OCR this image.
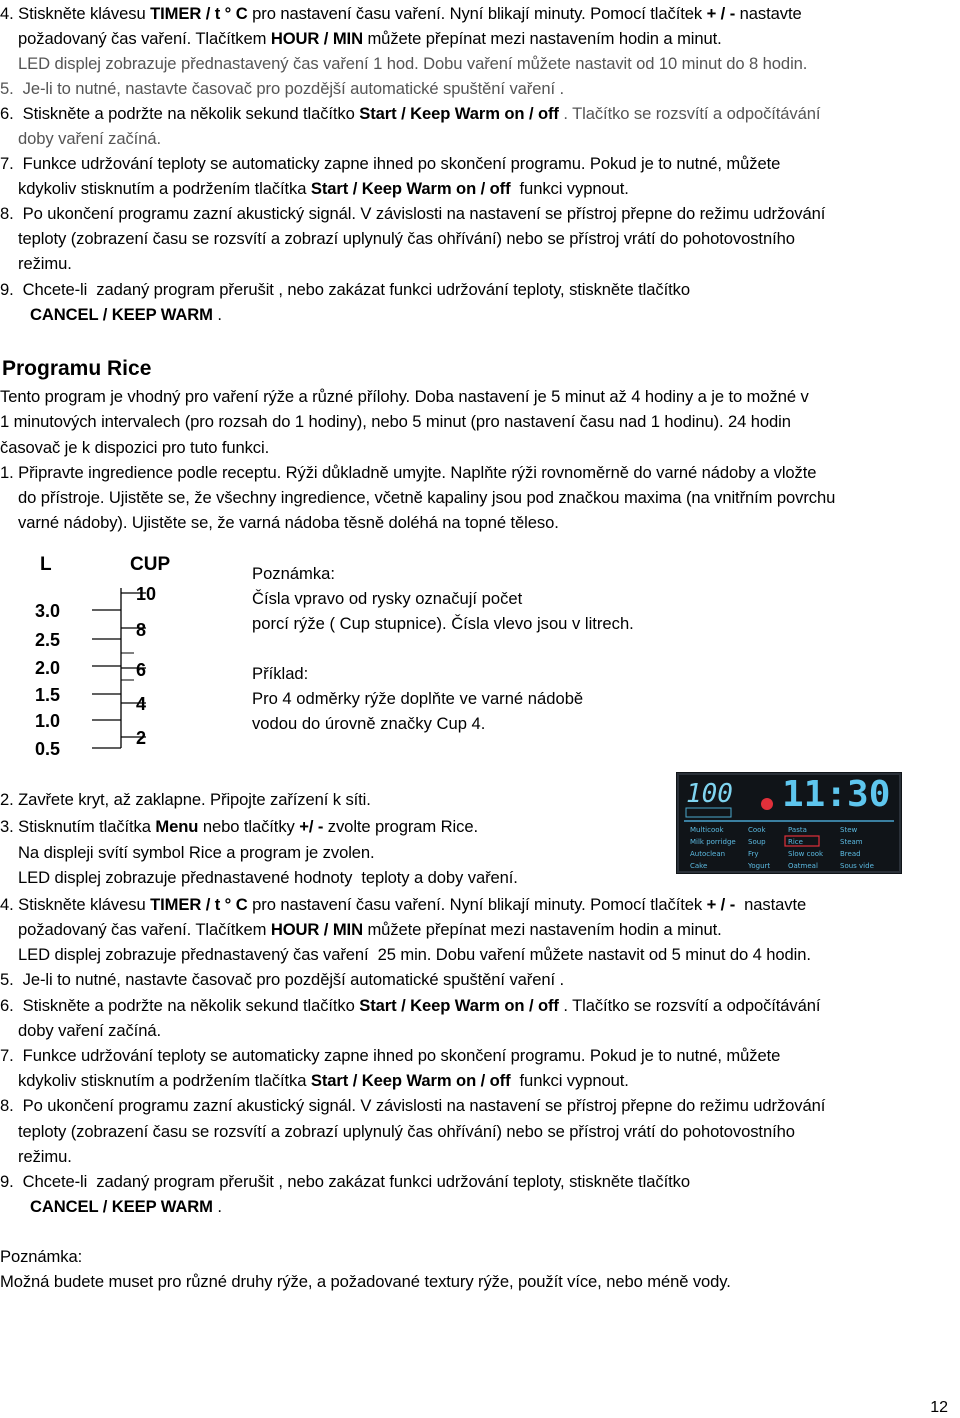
4. Stiskněte klávesu TIMER / t ° C pro nastavení času vaření. Nyní blikají minuty. Pomocí tlačítek + / - nastavte
požadovaný čas vaření. Tlačítkem HOUR / MIN můžete přepínat mezi nastavením hodin a minut.
LED displej zobrazuje přednastavený čas vaření 1 hod. Dobu vaření můžete nastavit od 10 minut do 8 hodin.
5.  Je-li to nutné, nastavte časovač pro pozdější automatické spuštění vaření .
6.  Stiskněte a podržte na několik sekund tlačítko Start / Keep Warm on / off . Tlačítko se rozsvítí a odpočítávání
doby vaření začíná.
7.  Funkce udržování teploty se automaticky zapne ihned po skončení programu. Pokud je to nutné, můžete
kdykoliv stisknutím a podržením tlačítka Start / Keep Warm on / off  funkci vypnout.
8.  Po ukončení programu zazní akustický signál. V závislosti na nastavení se přístroj přepne do režimu udržování
teploty (zobrazení času se rozsvítí a zobrazí uplynulý čas ohřívání) nebo se přístroj vrátí do pohotovostního
režimu.
9.  Chcete-li  zadaný program přerušit , nebo zakázat funkci udržování teploty, stiskněte tlačítko
CANCEL / KEEP WARM .
Programu Rice
Tento program je vhodný pro vaření rýže a různé přílohy. Doba nastavení je 5 minut až 4 hodiny a je to možné v
1 minutových intervalech (pro rozsah do 1 hodiny), nebo 5 minut (pro nastavení času nad 1 hodinu). 24 hodin
časovač je k dispozici pro tuto funkci.
1. Připravte ingredience podle receptu. Rýži důkladně umyjte. Naplňte rýži rovnoměrně do varné nádoby a vložte
do přístroje. Ujistěte se, že všechny ingredience, včetně kapaliny jsou pod značkou maxima (na vnitřním povrchu
varné nádoby). Ujistěte se, že varná nádoba těsně doléhá na topné těleso.
L	CUP
3.0
2.5
2.0
1.5
1.0
0.5
10
8
6
4
2
Poznámka:
Čísla vpravo od rysky označují počet
porcí rýže ( Cup stupnice). Čísla vlevo jsou v litrech.
Příklad:
Pro 4 odměrky rýže doplňte ve varné nádobě
vodou do úrovně značky Cup 4.
100 11:30
Multicook
Milk porridge
Autoclean
Cake
Cook
Soup
Fry
Yogurt
Pasta
Rice
Slow cook
Oatmeal
Stew
Steam
Bread
Sous vide
2. Zavřete kryt, až zaklapne. Připojte zařízení k síti.
3. Stisknutím tlačítka Menu nebo tlačítky +/ - zvolte program Rice.
Na displeji svítí symbol Rice a program je zvolen.
LED displej zobrazuje přednastavené hodnoty  teploty a doby vaření.
4. Stiskněte klávesu TIMER / t ° C pro nastavení času vaření. Nyní blikají minuty. Pomocí tlačítek + / -  nastavte
požadovaný čas vaření. Tlačítkem HOUR / MIN můžete přepínat mezi nastavením hodin a minut.
LED displej zobrazuje přednastavený čas vaření  25 min. Dobu vaření můžete nastavit od 5 minut do 4 hodin.
5.  Je-li to nutné, nastavte časovač pro pozdější automatické spuštění vaření .
6.  Stiskněte a podržte na několik sekund tlačítko Start / Keep Warm on / off . Tlačítko se rozsvítí a odpočítávání
doby vaření začíná.
7.  Funkce udržování teploty se automaticky zapne ihned po skončení programu. Pokud je to nutné, můžete
kdykoliv stisknutím a podržením tlačítka Start / Keep Warm on / off  funkci vypnout.
8.  Po ukončení programu zazní akustický signál. V závislosti na nastavení se přístroj přepne do režimu udržování
teploty (zobrazení času se rozsvítí a zobrazí uplynulý čas ohřívání) nebo se přístroj vrátí do pohotovostního
režimu.
9.  Chcete-li  zadaný program přerušit , nebo zakázat funkci udržování teploty, stiskněte tlačítko
CANCEL / KEEP WARM .
Poznámka:
Možná budete muset pro různé druhy rýže, a požadované textury rýže, použít více, nebo méně vody.
12
